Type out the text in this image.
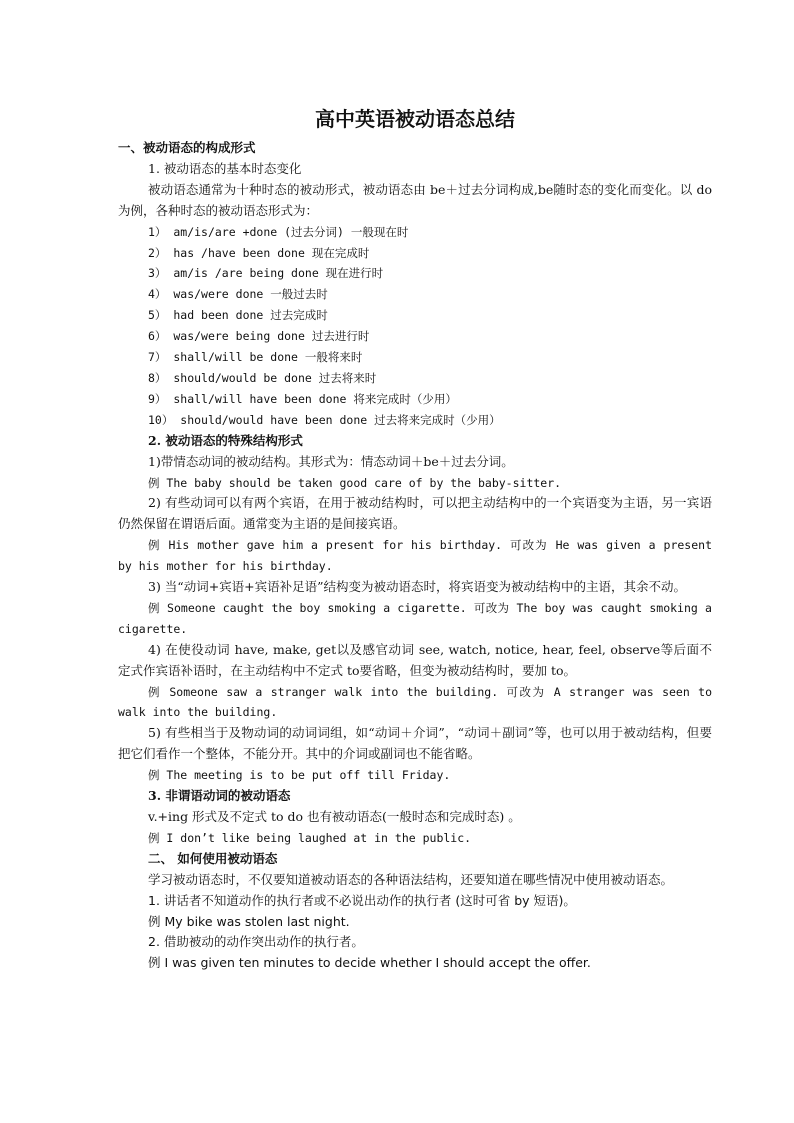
高中英语被动语态总结
一、被动语态的构成形式
1. 被动语态的基本时态变化
被动语态通常为十种时态的被动形式，被动语态由 be＋过去分词构成,be随时态的变化而变化。以 do为例，各种时态的被动语态形式为：
1） am/is/are +done (过去分词) 一般现在时
2） has /have been done 现在完成时
3） am/is /are being done 现在进行时
4） was/were done 一般过去时
5） had been done 过去完成时
6） was/were being done 过去进行时
7） shall/will be done 一般将来时
8） should/would be done 过去将来时
9） shall/will have been done 将来完成时（少用）
10） should/would have been done 过去将来完成时（少用）
2. 被动语态的特殊结构形式
1)带情态动词的被动结构。其形式为：情态动词＋be＋过去分词。
例 The baby should be taken good care of by the baby-sitter.
2) 有些动词可以有两个宾语，在用于被动结构时，可以把主动结构中的一个宾语变为主语，另一宾语仍然保留在谓语后面。通常变为主语的是间接宾语。
例 His mother gave him a present for his birthday. 可改为 He was given a present by his mother for his birthday.
3) 当“动词+宾语+宾语补足语”结构变为被动语态时，将宾语变为被动结构中的主语，其余不动。
例 Someone caught the boy smoking a cigarette. 可改为 The boy was caught smoking a cigarette.
4) 在使役动词 have, make, get以及感官动词 see, watch, notice, hear, feel, observe等后面不定式作宾语补语时，在主动结构中不定式 to要省略，但变为被动结构时，要加 to。
例 Someone saw a stranger walk into the building. 可改为 A stranger was seen to walk into the building.
5) 有些相当于及物动词的动词词组，如“动词＋介词”，“动词＋副词”等，也可以用于被动结构，但要把它们看作一个整体，不能分开。其中的介词或副词也不能省略。
例 The meeting is to be put off till Friday.
3. 非谓语动词的被动语态
v.+ing 形式及不定式 to do 也有被动语态(一般时态和完成时态) 。
例 I don’t like being laughed at in the public.
二、 如何使用被动语态
学习被动语态时，不仅要知道被动语态的各种语法结构，还要知道在哪些情况中使用被动语态。
1. 讲话者不知道动作的执行者或不必说出动作的执行者 (这时可省 by 短语)。
例 My bike was stolen last night.
2. 借助被动的动作突出动作的执行者。
例 I was given ten minutes to decide whether I should accept the offer.
